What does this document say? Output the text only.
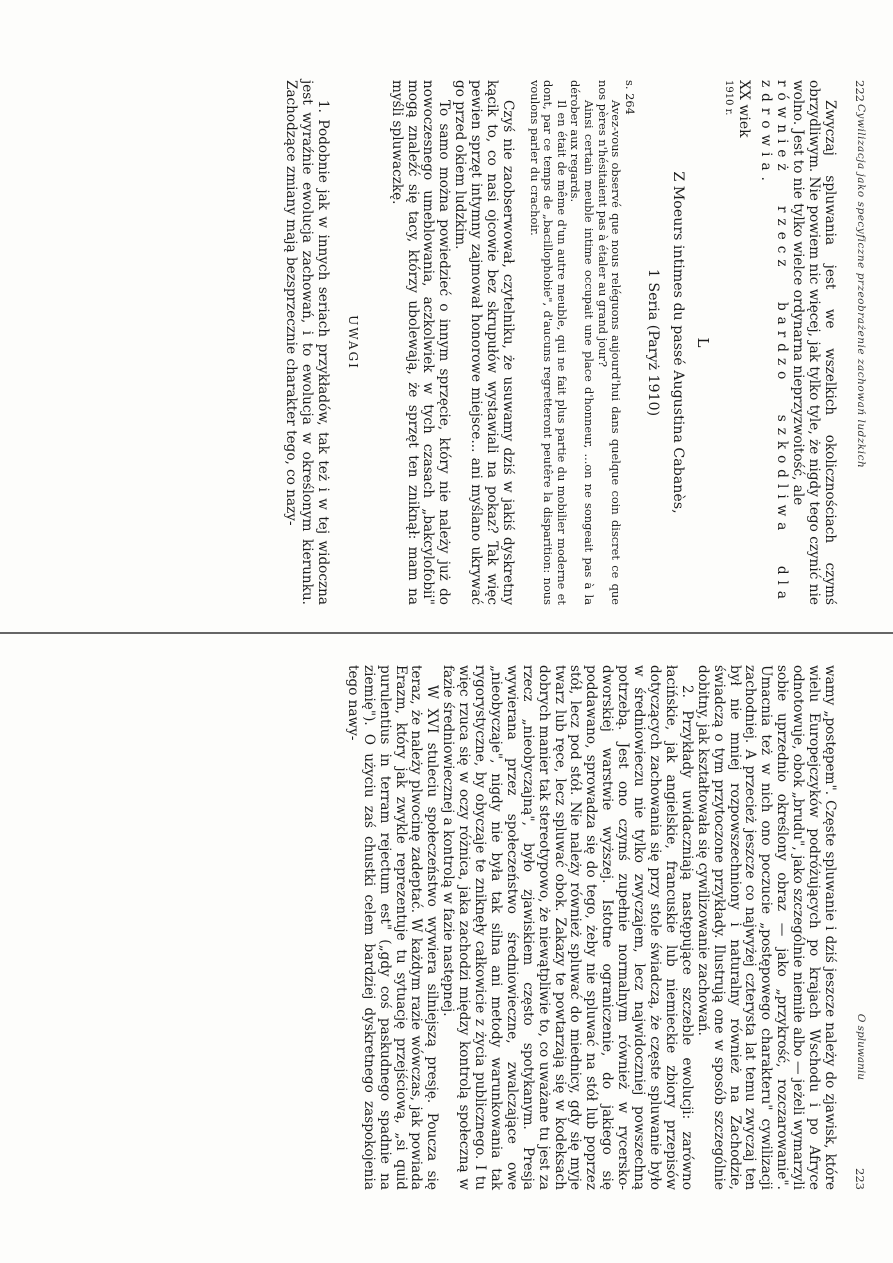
222
Cywilizacja jako specyficzne przeobrażenie zachowań ludzkich

Zwyczaj spluwania jest we wszelkich okolicznościach czymś obrzydliwym. Nie powiem nic więcej, jak tylko tyle, że nigdy tego czynić nie wolno. Jest to nie tylko wielce ordynarna nieprzyzwoitość, ale

również rzecz bardzo szkodliwa dla zdrowia.

XX wiek

1910 r.

L

Z Moeurs intimes du passé Augustina Cabanès,

1 Seria (Paryż 1910)

s. 264

Avez-vous observé que nous reléguons aujourd'hui dans quelque coin discret ce que nos pères n'hésitaient pas à étaler au grand jour?

Ainsi certain meuble intime occupait une place d'honneur, ...on ne songeait pas à la dérober aux regards.

Il en était de même d'un autre meuble, qui ne fait plus partie du mobilier moderne et dont, par ce temps de „bacillophobie", d'aucuns regretteront peutêre la disparition: nous voulons parler du crachoir.

Czyś nie zaobserwował, czytelniku, że usuwamy dziś w jakiś dyskretny kącik to, co nasi ojcowie bez skrupułów wystawiali na pokaz? Tak więc pewien sprzęt intymny zajmował honorowe miejsce... ani myślano ukrywać go przed okiem ludzkim.

To samo można powiedzieć o innym sprzęcie, który nie należy już do nowoczesnego umeblowania, aczkolwiek w tych czasach „bakcylofobii" mogą znaleźć się tacy, którzy ubolewają, że sprzęt ten zniknął: mam na myśli spluwaczkę.

UWAGI

1. Podobnie jak w innych seriach przykładów, tak też i w tej widoczna jest wyraźnie ewolucja zachowań, i to ewolucja w określonym kierunku. Zachodzące zmiany mają bezsprzecznie charakter tego, co nazy-

O spluwaniu
223

wamy „postępem". Częste spluwanie i dziś jeszcze należy do zjawisk, które wielu Europejczyków podróżujących po krajach Wschodu i po Afryce odnotowuje, obok „brudu", jako szczególnie niemiłe albo — jeżeli wymarzyli sobie uprzednio określony obraz — jako „przykrość, rozczarowanie". Umacnia też w nich ono poczucie „postępowego charakteru" cywilizacji zachodniej. A przecież jeszcze co najwyżej czterysta lat temu zwyczaj ten był nie mniej rozpowszechniony i naturalny również na Zachodzie, świadczą o tym przytoczone przykłady. Ilustrują one w sposób szczególnie dobitny, jak kształtowała się cywilizowanie zachowań.

2. Przykłady uwidaczniają następujące szczeble ewolucji: zarówno łacińskie, jak angielskie, francuskie lub niemieckie zbiory przepisów dotyczących zachowania się przy stole świadczą, że częste spluwanie było w średniowieczu nie tylko zwyczajem, lecz najwidoczniej powszechną potrzebą. Jest ono czymś zupełnie normalnym również w rycersko-dworskiej warstwie wyższej. Istotne ograniczenie, do jakiego się poddawano, sprowadza się do tego, żeby nie spluwać na stół lub poprzez stół, lecz pod stół. Nie należy również spluwać do miednicy, gdy się myje twarz lub ręce, lecz spluwać obok. Zakazy te powtarzają się w kodeksach dobrych manier tak stereotypowo, że niewątpliwie to, co uważane tu jest za rzecz „nieobyczajną", było zjawiskiem często spotykanym. Presja wywierana przez społeczeństwo średniowieczne, zwalczające owe „nieobyczaje", nigdy nie była tak silna ani metody warunkowania tak rygorystyczne, by obyczaje te zniknęły całkowicie z życia publicznego. I tu więc rzuca się w oczy różnica, jaka zachodzi między kontrolą społeczną w fazie średniowiecznej a kontrolą w fazie następnej.

W XVI stuleciu społeczeństwo wywiera silniejszą presję. Poucza się teraz, że należy plwocinę zadeptać. W każdym razie wówczas, jak powiada Erazm, który jak zwykle reprezentuje tu sytuację przejściową, „si quid purulentius in terram rejectum est" („gdy coś paskudnego spadnie na ziemię"). O użyciu zaś chustki celem bardziej dyskretnego zaspokojenia tego nawy-
